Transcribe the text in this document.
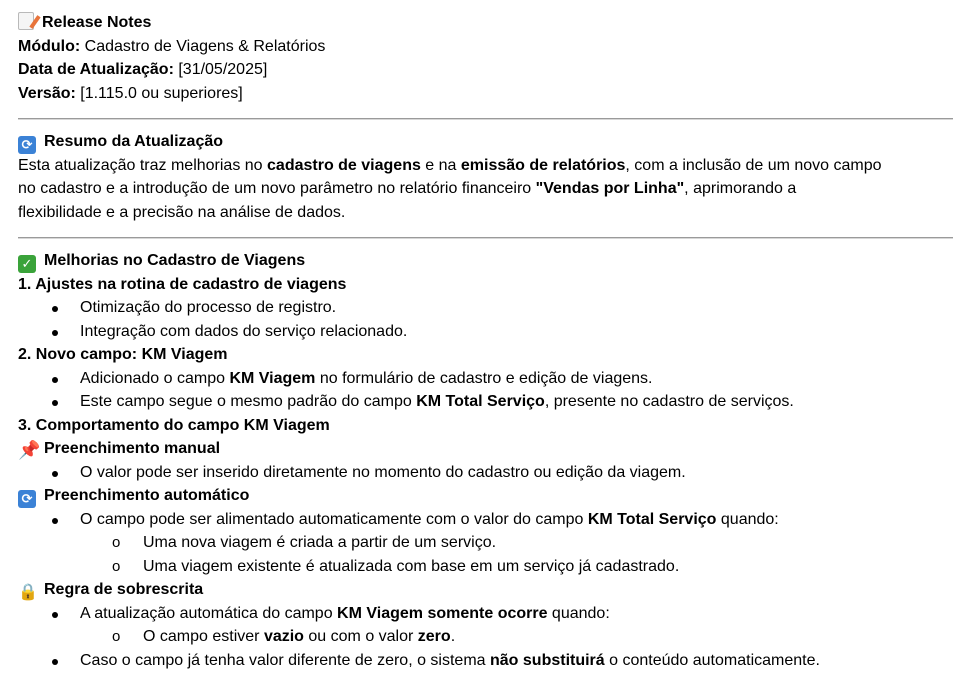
Release Notes
Módulo: Cadastro de Viagens & Relatórios
Data de Atualização: [31/05/2025]
Versão: [1.115.0 ou superiores]
⟳ Resumo da Atualização
Esta atualização traz melhorias no cadastro de viagens e na emissão de relatórios, com a inclusão de um novo campo
no cadastro e a introdução de um novo parâmetro no relatório financeiro "Vendas por Linha", aprimorando a
flexibilidade e a precisão na análise de dados.
✓ Melhorias no Cadastro de Viagens
1. Ajustes na rotina de cadastro de viagens
Otimização do processo de registro.
Integração com dados do serviço relacionado.
2. Novo campo: KM Viagem
Adicionado o campo KM Viagem no formulário de cadastro e edição de viagens.
Este campo segue o mesmo padrão do campo KM Total Serviço, presente no cadastro de serviços.
3. Comportamento do campo KM Viagem
📌 Preenchimento manual
O valor pode ser inserido diretamente no momento do cadastro ou edição da viagem.
⟳ Preenchimento automático
O campo pode ser alimentado automaticamente com o valor do campo KM Total Serviço quando:
o Uma nova viagem é criada a partir de um serviço.
o Uma viagem existente é atualizada com base em um serviço já cadastrado.
🔒 Regra de sobrescrita
A atualização automática do campo KM Viagem somente ocorre quando:
o O campo estiver vazio ou com o valor zero.
Caso o campo já tenha valor diferente de zero, o sistema não substituirá o conteúdo automaticamente.
